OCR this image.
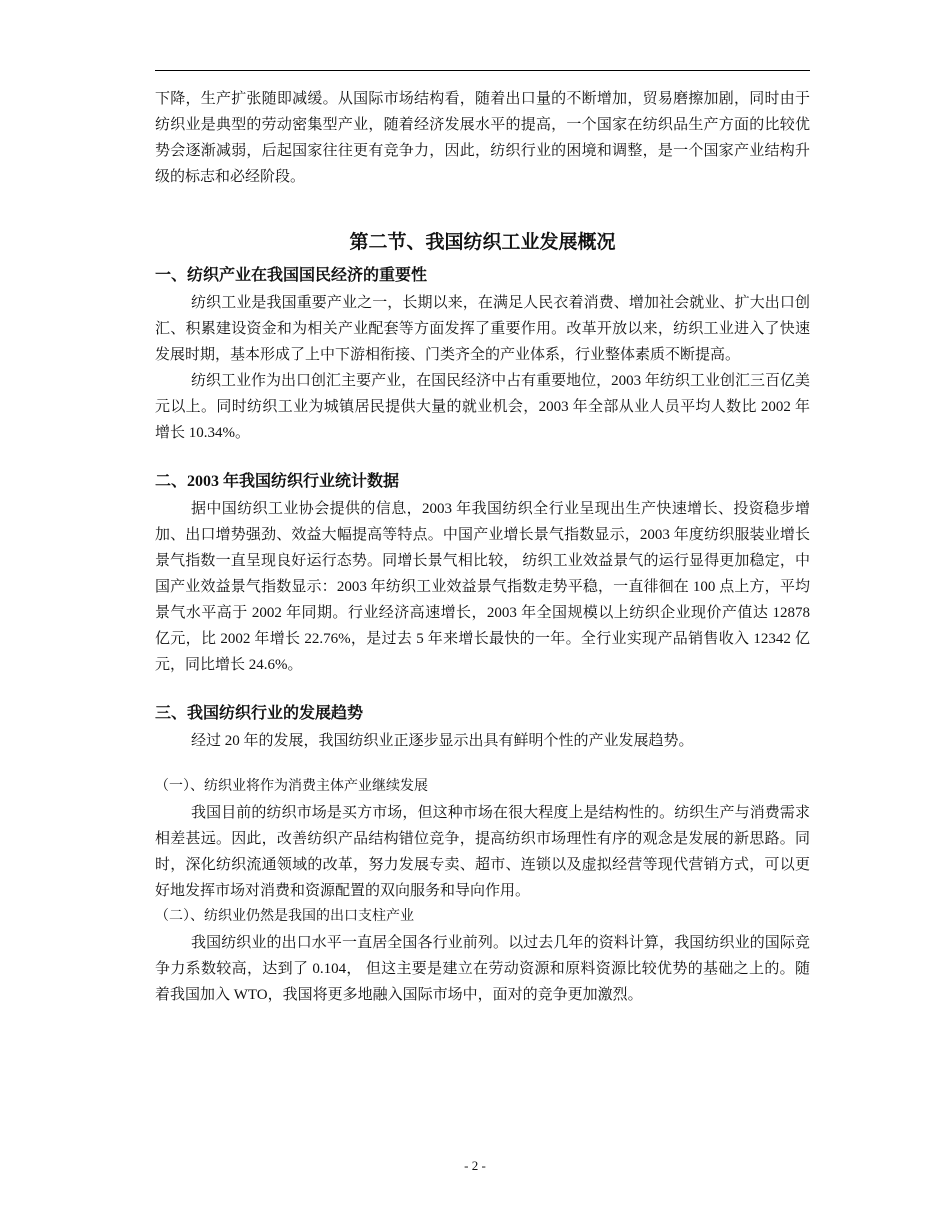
下降，生产扩张随即减缓。从国际市场结构看，随着出口量的不断增加，贸易磨擦加剧，同时由于纺织业是典型的劳动密集型产业，随着经济发展水平的提高，一个国家在纺织品生产方面的比较优势会逐渐减弱，后起国家往往更有竞争力，因此，纺织行业的困境和调整，是一个国家产业结构升级的标志和必经阶段。

第二节、我国纺织工业发展概况

一、纺织产业在我国国民经济的重要性

纺织工业是我国重要产业之一，长期以来，在满足人民衣着消费、增加社会就业、扩大出口创汇、积累建设资金和为相关产业配套等方面发挥了重要作用。改革开放以来，纺织工业进入了快速发展时期，基本形成了上中下游相衔接、门类齐全的产业体系，行业整体素质不断提高。

纺织工业作为出口创汇主要产业，在国民经济中占有重要地位，2003 年纺织工业创汇三百亿美元以上。同时纺织工业为城镇居民提供大量的就业机会，2003 年全部从业人员平均人数比 2002 年增长 10.34%。

二、2003 年我国纺织行业统计数据

据中国纺织工业协会提供的信息，2003 年我国纺织全行业呈现出生产快速增长、投资稳步增加、出口增势强劲、效益大幅提高等特点。中国产业增长景气指数显示，2003 年度纺织服装业增长景气指数一直呈现良好运行态势。同增长景气相比较， 纺织工业效益景气的运行显得更加稳定，中国产业效益景气指数显示：2003 年纺织工业效益景气指数走势平稳，一直徘徊在 100 点上方，平均景气水平高于 2002 年同期。行业经济高速增长，2003 年全国规模以上纺织企业现价产值达 12878 亿元，比 2002 年增长 22.76%，是过去 5 年来增长最快的一年。全行业实现产品销售收入 12342 亿元，同比增长 24.6%。

三、我国纺织行业的发展趋势

经过 20 年的发展，我国纺织业正逐步显示出具有鲜明个性的产业发展趋势。

（一）、纺织业将作为消费主体产业继续发展

我国目前的纺织市场是买方市场，但这种市场在很大程度上是结构性的。纺织生产与消费需求相差甚远。因此，改善纺织产品结构错位竞争，提高纺织市场理性有序的观念是发展的新思路。同时，深化纺织流通领域的改革，努力发展专卖、超市、连锁以及虚拟经营等现代营销方式，可以更好地发挥市场对消费和资源配置的双向服务和导向作用。

（二）、纺织业仍然是我国的出口支柱产业

我国纺织业的出口水平一直居全国各行业前列。以过去几年的资料计算，我国纺织业的国际竞争力系数较高，达到了 0.104， 但这主要是建立在劳动资源和原料资源比较优势的基础之上的。随着我国加入 WTO，我国将更多地融入国际市场中，面对的竞争更加激烈。

- 2 -
